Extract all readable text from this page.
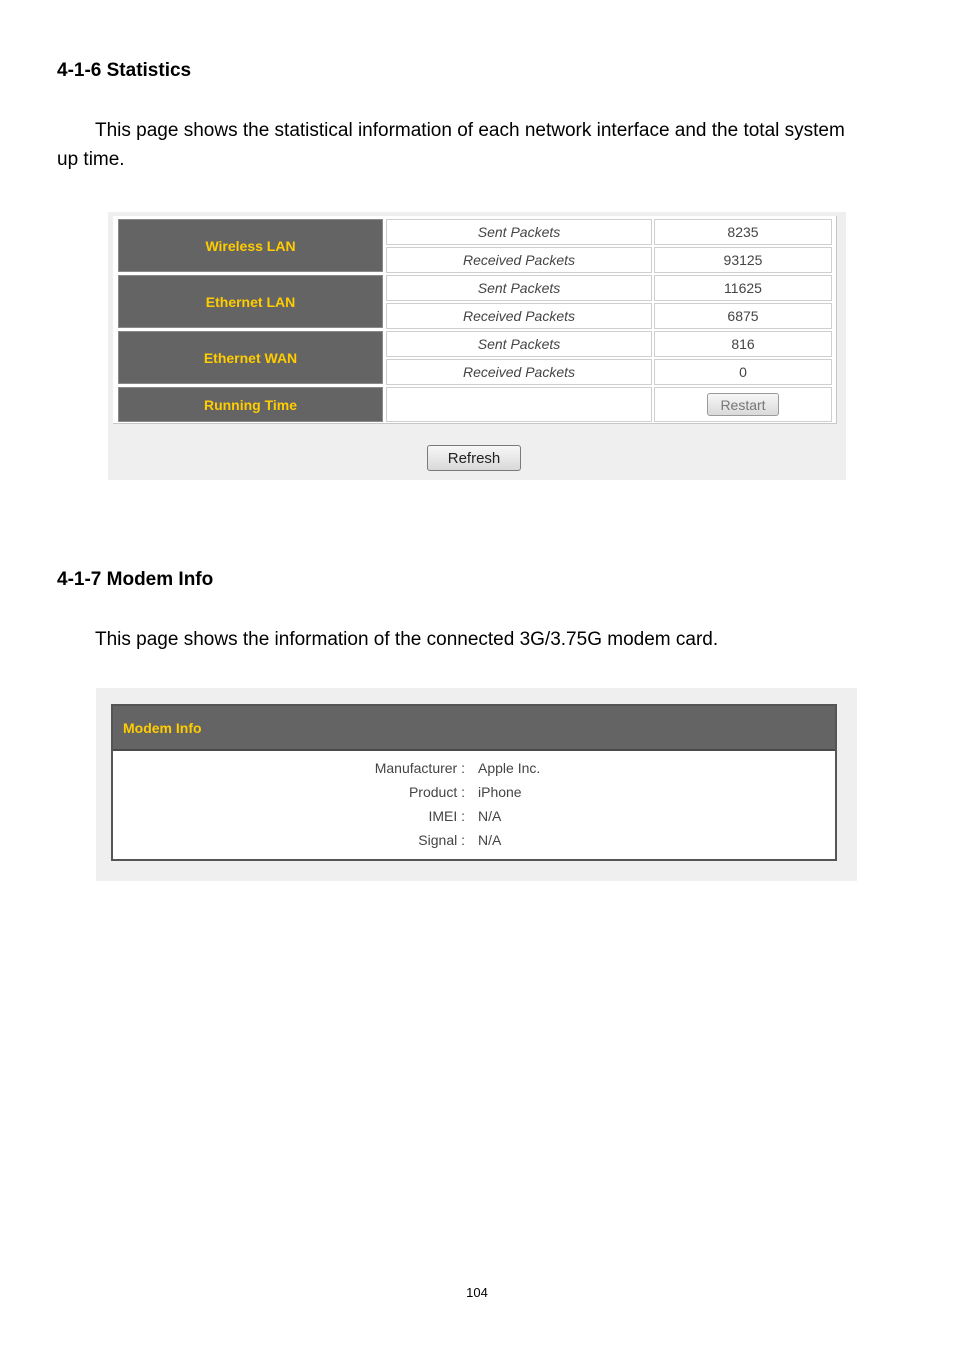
4-1-6 Statistics
This page shows the statistical information of each network interface and the total system up time.
Wireless LAN
Sent Packets	8235
Received Packets	93125
Ethernet LAN
Sent Packets	11625
Received Packets	6875
Ethernet WAN
Sent Packets	816
Received Packets	0
Running Time	Restart
Refresh
4-1-7 Modem Info
This page shows the information of the connected 3G/3.75G modem card.
Modem Info
Manufacturer : Apple Inc.
Product : iPhone
IMEI : N/A
Signal : N/A
104
